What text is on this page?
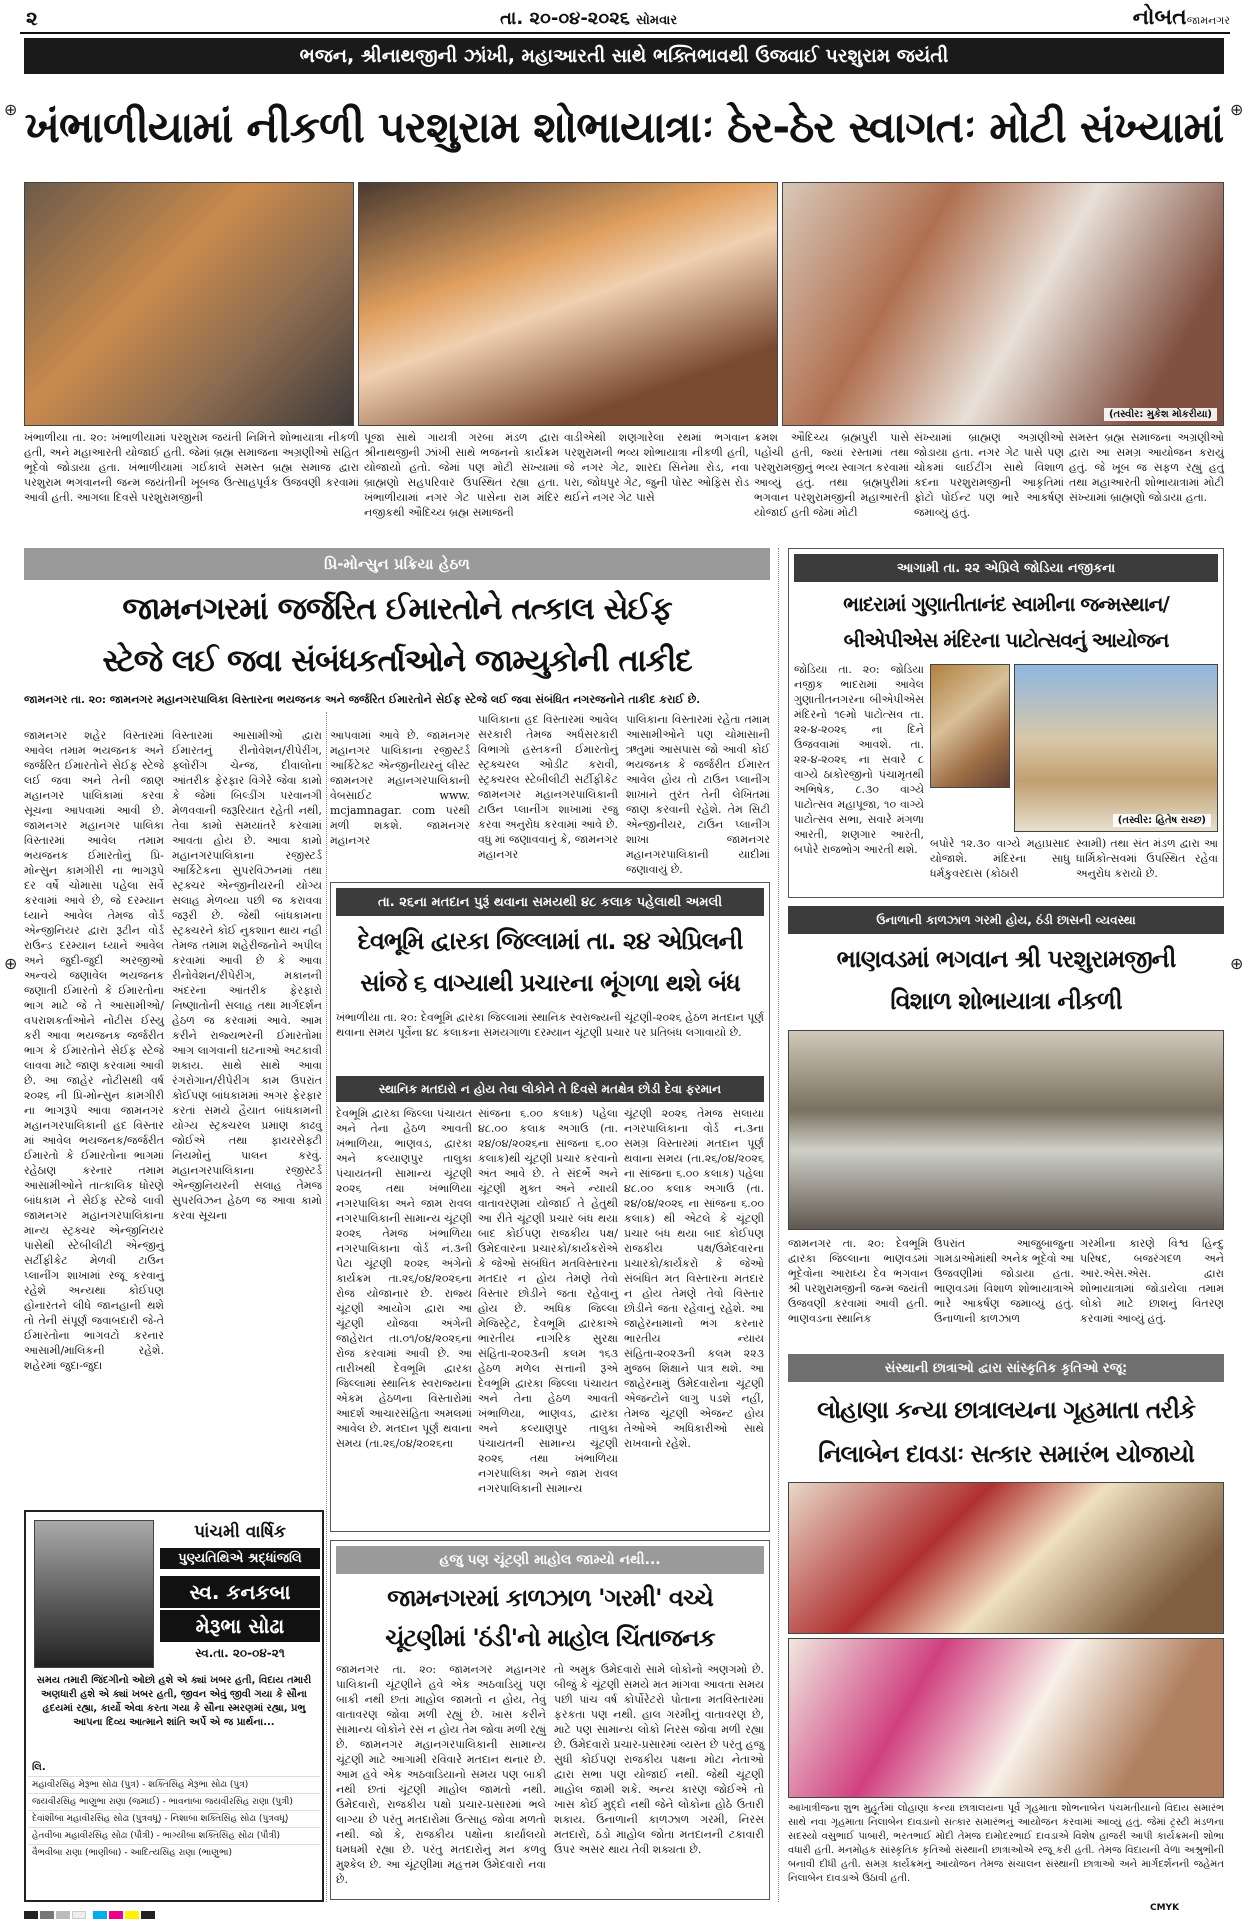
૨	તા. ૨૦-૦૪-૨૦૨૬ સોમવાર	નોબતજામનગર
ભજન, શ્રીનાથજીની ઝાંખી, મહાઆરતી સાથે ભક્તિભાવથી ઉજવાઈ પરશુરામ જયંતી
ખંભાળીયામાં નીકળી પરશુરામ શોભાયાત્રાઃ ઠેર-ઠેર સ્વાગતઃ મોટી સંખ્યામાં
(તસ્વીર: મુકેશ મોકરીયા)
ખંભાળીયા તા. ૨૦: ખંભાળીયામાં પરશુરામ જયંતી નિમિત્તે શોભાયાત્રા નીકળી હતી, અને મહાઆરતી યોજાઈ હતી. જેમાં બ્રહ્મ સમાજના અગ્રણીઓ સહિત ભૂદેવો જોડાયા હતા. ખંભાળીયામાં ગઈકાલે સમસ્ત બ્રહ્મ સમાજ દ્વારા પરશુરામ ભગવાનની જન્મ જયંતીની ખૂબજ ઉત્સાહપૂર્વક ઉજવણી કરવામાં આવી હતી. આગલા દિવસે પરશુરામજીની
પૂજા સાથે ગાયત્રી ગરબા મંડળ દ્વારા શ્રીનાથજીની ઝાંખી સાથે ભજનનો કાર્યક્રમ યોજાયો હતો. જેમાં પણ મોટી સંખ્યામાં બ્રાહ્મણો સહપરિવાર ઉપસ્થિત રહ્યા હતા. ખંભાળીયામાં નગર ગેટ પાસેના રામ મંદિર નજીકથી ઔદિચ્ય બ્રહ્મ સમાજની
વાડીએથી શણગારેલા રથમાં ભગવાન પરશુરામની ભવ્ય શોભાયાત્રા નીકળી હતી, જે નગર ગેટ, શારદા સિનેમા રોડ, નવા પરા, જોધપુર ગેટ, જુની પોસ્ટ ઓફિસ રોડ થઈને નગર ગેટ પાસે
ક્રમશ ઔદિચ્ય બ્રહ્મપુરી પાસે પહોંચી હતી, જ્યાં રસ્તામાં તથા પરશુરામજીનું ભવ્ય સ્વાગત કરવામાં આવ્યું હતું. તથા બ્રહ્મપુરીમાં ભગવાન પરશુરામજીની મહાઆરતી યોજાઈ હતી જેમાં મોટી
સંખ્યામાં બ્રાહ્મણ અગ્રણીઓ જોડાયા હતા. નગર ગેટ પાસે પણ ચોકમાં લાઈટીંગ સાથે વિશાળ કદના પરશુરામજીની આકૃતિમાં ફોટો પોઈન્ટ પણ ભારે આકર્ષણ જમાવ્યું હતું.
સમસ્ત બ્રહ્મ સમાજના અગ્રણીઓ દ્વારા આ સમગ્ર આયોજન કરાયું હતું. જે ખૂબ જ સફળ રહ્યું હતું તથા મહાઆરતી શોભાયાત્રામાં મોટી સંખ્યામાં બ્રાહ્મણો જોડાયા હતા.
પ્રિ-મોન્સુન પ્રક્રિયા હેઠળ
જામનગરમાં જર્જરિત ઈમારતોને તત્કાલ સેઈફ
સ્ટેજે લઈ જવા સંબંધકર્તાઓને જામ્યુકોની તાકીદ
જામનગર તા. ૨૦: જામનગર મહાનગરપાલિકા વિસ્તારના ભયજનક અને જર્જરિત ઈમારતોને સેઈફ સ્ટેજે લઈ જવા સંબંધિત નગરજનોને તાકીદ કરાઈ છે.
જામનગર શહેર વિસ્તારમાં આવેલ તમામ ભયજનક અને જર્જરિત ઈમારતોને સેઈફ સ્ટેજે લઈ જવા અને તેની જાણ મહાનગર પાલિકામાં કરવા સૂચના આપવામાં આવી છે. જામનગર મહાનગર પાલિકા વિસ્તારમાં આવેલ તમામ ભયજનક ઈમારતોનું પ્રિ-મોન્સુન કામગીરી ના ભાગરૂપે દર વર્ષે ચોમાસા પહેલા સર્વે કરવામાં આવે છે, જે દરમ્યાન ધ્યાને આવેલ તેમજ વોર્ડ એન્જીનિયર દ્વારા રૂટીન વોર્ડ રાઉન્ડ દરમ્યાન ધ્યાને આવેલ અને જુદી-જુદી અરજીઓ અન્વયે જણાવેલ ભયજનક જણાતી ઈમારતો કે ઈમારતોના ભાગ માટે જે તે આસામીઓ/વપરાશકર્તાઓને નોટીસ ઈસ્યુ કરી આવા ભયજનક જર્જરીત ભાગ કે ઈમારતોને સેઈફ સ્ટેજે લાવવા માટે જાણ કરવામાં આવી છે. આ જાહેર નોટીસથી વર્ષ ૨૦૨૬ ની પ્રિ-મોન્સુન કામગીરી ના ભાગરૂપે આવા જામનગર મહાનગરપાલિકાની હદ વિસ્તાર માં આવેલ ભયજનક/જર્જરીત ઈમારતો કે ઈમારતોના ભાગમાં રહેઠાણ કરનાર તમામ આસામીઓને તાત્કાલિક ધોરણે બાંધકામ ને સેઈફ સ્ટેજે લાવી જામનગર મહાનગરપાલિકાના માન્ય સ્ટ્રક્ચર એન્જીનિયર પાસેથી સ્ટેબીલીટી એન્જીનું સર્ટીફીકેટ મેળવી ટાઉન પ્લાનીંગ શાખામાં રજૂ કરવાનું રહેશે અન્યથા કોઈપણ હોનારતને લીધે જાનહાની થશે તો તેની સંપૂર્ણ જવાબદારી જે-તે ઈમારતોના ભાગવટો કરનાર આસામી/માલિકની રહેશે. શહેરમાં જુદા-જુદા
વિસ્તારમાં આસામીઓ દ્વારા ઈમારતનું રીનોવેશન/રીપેરીંગ, ફ્લોરીંગ ચેન્જ, દીવાલોના આંતરીક ફેરફાર વિગેરે જેવા કામો કે જેમાં બિલ્ડીંગ પરવાનગી મેળવવાની જરૂરિયાત રહેતી નથી, તેવા કામો સમયાંતરે કરવામાં આવતા હોય છે. આવા કામો મહાનગરપાલિકાના રજીસ્ટર્ડ આર્કિટેકના સુપરવિઝનમાં તથા સ્ટ્રક્ચર એન્જીનીયરની યોગ્ય સલાહ મેળવ્યા પછી જ કરાવવા જરૂરી છે. જેથી બાંધકામના સ્ટ્રક્ચરને કોઈ નુકશાન થાય નહી તેમજ તમામ શહેરીજનોને અપીલ કરવામાં આવી છે કે આવા રીનોવેશન/રીપેરીંગ, મકાનની અંદરના આંતરીક ફેરફારો નિષ્ણાતોની સલાહ તથા માર્ગદર્શન હેઠળ જ કરવામાં આવે. આમ કરીને રાજ્યભરની ઈમારતોમાં આગ લાગવાની ઘટનાઓ અટકાવી શકાય. સાથે સાથે આવા રંગરોગાન/રીપેરીંગ કામ ઉપરાંત કોઈપણ બાંધકામમાં અગર ફેરફાર કરતાં સમયે હૈયાત બાંધકામની યોગ્ય સ્ટ્રક્ચરલ પ્રમાણ કાઢવું જોઈએ તથા ફાયરસેફ્ટી નિયમોનું પાલન કરવું. મહાનગરપાલિકાના રજીસ્ટર્ડ એન્જીનિયરની સલાહ તેમજ સુપરવિઝન હેઠળ જ આવા કામો કરવા સૂચના
આપવામાં આવે છે. જામનગર મહાનગર પાલિકાના રજીસ્ટર્ડ આર્કિટેક્ટ એન્જીનીયરનું લીસ્ટ જામનગર મહાનગરપાલિકાની વેબસાઈટ www. mcjamnagar. com પરથી મળી શકશે. જામનગર મહાનગર
પાલિકાના હદ વિસ્તારમાં આવેલ સરકારી તેમજ અર્ધસરકારી વિભાગો હસ્તકની ઈમારતોનું સ્ટ્રક્ચરલ ઓડીટ કરાવી, સ્ટ્રક્ચરલ સ્ટેબીલીટી સર્ટીફીકેટ જામનગર મહાનગરપાલિકાની ટાઉન પ્લાનીંગ શાખામાં રજુ કરવા અનુરોધ કરવામાં આવે છે. વધુ માં જણાવવાનું કે, જામનગર મહાનગર
પાલિકાના વિસ્તારમાં રહેતા તમામ આસામીઓને પણ ચોમાસાની ઋતુમાં આસપાસ જો આવી કોઈ ભયજનક કે જર્જરીત ઈમારત આવેલ હોય તો ટાઉન પ્લાનીંગ શાખાને તુરંત તેની લેખિતમાં જાણ કરવાની રહેશે. તેમ સિટી એન્જીનીયર, ટાઉન પ્લાનીંગ શાખા જામનગર મહાનગરપાલિકાની યાદીમાં જણાવાયું છે.
તા. ૨૬ના મતદાન પુરૂં થવાના સમયથી ૪૮ કલાક પહેલાથી અમલી
દેવભૂમિ દ્વારકા જિલ્લામાં તા. ૨૪ એપ્રિલની
સાંજે ૬ વાગ્યાથી પ્રચારના ભૂંગળા થશે બંધ
ખંભાળીયા તા. ૨૦: દેવભૂમિ દ્વારકા જિલ્લામાં સ્થાનિક સ્વરાજ્યની ચૂંટણી-૨૦૨૬ હેઠળ મતદાન પૂર્ણ થવાના સમય પૂર્વેના ૪૮ કલાકના સમયગાળા દરમ્યાન ચૂંટણી પ્રચાર પર પ્રતિબંધ લગાવાયો છે.
સ્થાનિક મતદારો ન હોય તેવા લોકોને તે દિવસે મતક્ષેત્ર છોડી દેવા ફરમાન
દેવભૂમિ દ્વારકા જિલ્લા પંચાયત અને તેના હેઠળ આવતી ખંભાળિયા, ભાણવડ, દ્વારકા અને કલ્યાણપુર તાલુકા પંચાયતની સામાન્ય ચૂંટણી ૨૦૨૬ તથા ખંભાળિયા નગરપાલિકા અને જામ રાવલ નગરપાલિકાની સામાન્ય ચૂંટણી ૨૦૨૬ તેમજ ખંભાળિયા નગરપાલિકાના વોર્ડ નં.૩ની પેટા ચૂંટણી ૨૦૨૬ અંગેનો કાર્યક્રમ તા.૨૬/૦૪/૨૦૨૬ના રોજ યોજાનાર છે. રાજ્ય ચૂંટણી આયોગ દ્વારા આ ચૂંટણી યોજવા અંગેની જાહેરાત તા.૦૧/૦૪/૨૦૨૬ના રોજ કરવામાં આવી છે. આ તારીખથી દેવભૂમિ દ્વારકા જિલ્લામાં સ્થાનિક સ્વરાજ્યના એકમ હેઠળના વિસ્તારોમાં આદર્શ આચારસંહિતા અમલમાં આવેલ છે. મતદાન પૂર્ણ થવાના સમય (તા.૨૬/૦૪/૨૦૨૬ના
સાંજના ૬.૦૦ કલાક) પહેલા ૪૮.૦૦ કલાક અગાઉ (તા. ૨૪/૦૪/૨૦૨૬ના સાંજના ૬.૦૦ કલાક)થી ચૂંટણી પ્રચાર કરવાનો અંત આવે છે. તે સંદર્ભે અને ચૂંટણી મુક્ત અને ન્યાયી વાતાવરણમાં યોજાઈ તે હેતુથી આ રીતે ચૂંટણી પ્રચાર બંધ થયા બાદ કોઈપણ રાજકીય પક્ષ/ઉમેદવારના પ્રચારકો/કાર્યકરોએ કે જેઓ સંબંધિત મતવિસ્તારના મતદાર ન હોય તેમણે તેવો વિસ્તાર છોડીને જતા રહેવાનું હોય છે. અધિક જિલ્લા મેજિસ્ટ્રેટ, દેવભૂમિ દ્વારકાએ ભારતીય નાગરિક સુરક્ષા સંહિતા-૨૦૨૩ની કલમ ૧૬૩ હેઠળ મળેલ સત્તાની રૂએ દેવભૂમિ દ્વારકા જિલ્લા પંચાયત અને તેના હેઠળ આવતી ખંભાળિયા, ભાણવડ, દ્વારકા અને કલ્યાણપુર તાલુકા પંચાયતની સામાન્ય ચૂંટણી ૨૦૨૬ તથા ખંભાળિયા નગરપાલિકા અને જામ રાવલ નગરપાલિકાની સામાન્ય
ચૂંટણી ૨૦૨૬ તેમજ સલાયા નગરપાલિકાના વોર્ડ નં.૩ના સમગ્ર વિસ્તારમાં મતદાન પૂર્ણ થવાના સમય (તા.૨૬/૦૪/૨૦૨૬ ના સાંજના ૬.૦૦ કલાક) પહેલા ૪૮.૦૦ કલાક અગાઉ (તા. ૨૪/૦૪/૨૦૨૬ ના સાંજના ૬.૦૦ કલાક) થી એટલે કે ચૂંટણી પ્રચાર બંધ થયા બાદ કોઈપણ રાજકીય પક્ષ/ઉમેદવારના પ્રચારકો/કાર્યકરો કે જેઓ સંબંધિત મત વિસ્તારના મતદાર ન હોય તેમણે તેવો વિસ્તાર છોડીને જતા રહેવાનું રહેશે. આ જાહેરનામાનો ભંગ કરનાર ભારતીય ન્યાય સંહિતા-૨૦૨૩ની કલમ ૨૨૩ મુજબ શિક્ષાને પાત્ર થશે. આ જાહેરનામું ઉમેદવારોના ચૂંટણી એજન્ટોને લાગુ પડશે નહીં, તેમજ ચૂંટણી એજન્ટ હોય તેઓએ અધિકારીઓ સાથે રાખવાનો રહેશે.
હજુ પણ ચૂંટણી માહોલ જામ્યો નથી...
જામનગરમાં કાળઝાળ 'ગરમી' વચ્ચે
ચૂંટણીમાં 'ઠંડી'નો માહોલ ચિંતાજનક
જામનગર તા. ૨૦: જામનગર મહાનગર પાલિકાની ચૂંટણીને હવે એક અઠવાડિયું પણ બાકી નથી છતાં માહોલ જામતો ન હોય, તેવું વાતાવરણ જોવા મળી રહ્યું છે. ખાસ કરીને સામાન્ય લોકોને રસ ન હોય તેમ જોવા મળી રહ્યું છે. જામનગર મહાનગરપાલિકાની સામાન્ય ચૂંટણી માટે આગામી રવિવારે મતદાન થનાર છે. આમ હવે એક અઠવાડિયાનો સમય પણ બાકી નથી છતાં ચૂંટણી માહોલ જામતો નથી. ઉમેદવારો, રાજકીય પક્ષો પ્રચાર-પ્રસારમાં ભલે લાગ્યા છે પરંતુ મતદારોમાં ઉત્સાહ જોવા મળતો નથી. જો કે, રાજકીય પક્ષોના કાર્યાલયો ધમધમી રહ્યા છે. પરંતુ મતદારોનું મન કળવું મુશ્કેલ છે. આ ચૂંટણીમાં મહત્તમ ઉમેદવારો નવા છે.
તો અમુક ઉમેદવારો સામે લોકોનો અણગમો છે. બીજું કે ચૂંટણી સમયે મત માંગવા આવતા સમય પછી પાંચ વર્ષ કોર્પોરેટરો પોતાના મતવિસ્તારમાં ફરકતા પણ નથી. હાલ ગરમીનું વાતાવરણ છે, માટે પણ સામાન્ય લોકો નિરસ જોવા મળી રહ્યા છે. ઉમેદવારો પ્રચાર-પ્રસારમાં વ્યસ્ત છે પરંતુ હજુ સુધી કોઈપણ રાજકીય પક્ષના મોટા નેતાઓ દ્વારા સભા પણ યોજાઈ નથી. જેથી ચૂંટણી માહોલ જામી શકે. અન્ય કારણ જોઈએ તો ખાસ કોઈ મુદ્દો નથી જેને લોકોના હોઠે ઉતારી શકાય. ઉનાળાની કાળઝાળ ગરમી, નિરસ મતદારો, ઠંડો માહોલ જોતા મતદાનની ટકાવારી ઉપર અસર થાય તેવી શક્યતા છે.
પાંચમી વાર્ષિક
પુણ્યતિથિએ શ્રદ્ધાંજલિ
સ્વ. કનકબા
મેરૂભા સોઢા
સ્વ.તા. ૨૦-૦૪-૨૧
સમય તમારી જિંદગીનો ઓછો હશે એ ક્યાં ખબર હતી, વિદાય તમારી અણધારી હશે એ ક્યાં ખબર હતી, જીવન એવું જીવી ગયા કે સૌના હૃદયમાં રહ્યા, કાર્યો એવા કરતા ગયા કે સૌના સ્મરણમાં રહ્યા, પ્રભુ આપના દિવ્ય આત્માને શાંતિ અર્પે એ જ પ્રાર્થના...
લિ.
મહાવીરસિંહ મેરૂભા સોઢા (પુત્ર) - શક્તિસિંહ મેરૂભા સોઢા (પુત્ર)
જયવીરસિંહ ભાણુભા રાણા (જમાઈ) - ભાવનાબા જયવીરસિંહ રાણા (પુત્રી)
દેવાંશીબા મહાવીરસિંહ સોઢા (પુત્રવધૂ) - નિશાબા શક્તિસિંહ સોઢા (પુત્રવધૂ)
હેતવીબા મહાવીરસિંહ સોઢા (પૌત્રી) - ભાગ્યીબા શક્તિસિંહ સોઢા (પૌત્રી)
વૈભવીબા રાણા (ભાણીબા) - આદિત્યસિંહ રાણા (ભાણુભા)
આગામી તા. ૨૨ એપ્રિલે જોડિયા નજીકના
ભાદરામાં ગુણાતીતાનંદ સ્વામીના જન્મસ્થાન/
બીએપીએસ મંદિરના પાટોત્સવનું આયોજન
જોડિયા તા. ૨૦: જોડિયા નજીક ભાદરામાં આવેલ ગુણાતીતનગરના બીએપીએસ મંદિરનો ૧૯મો પાટોત્સવ તા. ૨૨-૪-૨૦૨૬ ના દિને ઉજવવામાં આવશે. તા. ૨૨-૪-૨૦૨૬ ના સવારે ૮ વાગ્યે ઠાકોરજીનો પંચામૃતથી અભિષેક, ૮.૩૦ વાગ્યે પાટોત્સવ મહાપૂજા, ૧૦ વાગ્યે પાટોત્સવ સભા, સવારે મંગળા આરતી, શણગાર આરતી, બપોરે રાજભોગ આરતી થશે.
(તસ્વીર: હિતેષ રાચ્છ)
બપોરે ૧૨.૩૦ વાગ્યે મહાપ્રસાદ યોજાશે. મંદિરના સાધુ ધર્મકુવરદાસ (કોઠારી
સ્વામી) તથા સંત મંડળ દ્વારા આ ધાર્મિકોત્સવમાં ઉપસ્થિત રહેવા અનુરોધ કરાયો છે.
ઉનાળાની કાળઝાળ ગરમી હોય, ઠંડી છાસની વ્યવસ્થા
ભાણવડમાં ભગવાન શ્રી પરશુરામજીની
વિશાળ શોભાયાત્રા નીકળી
જામનગર તા. ૨૦: દેવભૂમિ દ્વારકા જિલ્લાના ભાણવડમાં ભૂદેવોના આરાધ્ય દેવ ભગવાન શ્રી પરશુરામજીની જન્મ જયંતી ઉજવણી કરવામાં આવી હતી. ભાણવડના સ્થાનિક
ઉપરાંત આજુબાજુના ગામડાઓમાંથી અનેક ભૂદેવો આ ઉજવણીમાં જોડાયા હતા. ભાણવડમાં વિશાળ શોભાયાત્રાએ ભારે આકર્ષણ જમાવ્યું હતું. ઉનાળાની કાળઝાળ
ગરમીના કારણે વિશ્વ હિન્દુ પરિષદ, બજરંગદળ અને આર.એસ.એસ. દ્વારા શોભાયાત્રામાં જોડાયેલા તમામ લોકો માટે છાશનું વિતરણ કરવામાં આવ્યું હતું.
સંસ્થાની છાત્રાઓ દ્વારા સાંસ્કૃતિક કૃતિઓ રજૂ:
લોહાણા કન્યા છાત્રાલયના ગૃહમાતા તરીકે
નિલાબેન દાવડાઃ સત્કાર સમારંભ યોજાયો
આખાત્રીજના શુભ મુહૂર્તમાં લોહાણા કન્યા છાત્રાલયના પૂર્વ ગૃહમાતા શોભનાબેન પંચમતીયાનો વિદાય સમારંભ સાથે નવા ગૃહમાતા નિલાબેન દાવડાનો સત્કાર સમારંભનું આયોજન કરવામાં આવ્યું હતું. જેમાં ટ્રસ્ટી મંડળના સદસ્યો વસુભાઈ પાબારી, ભરતભાઈ મોદી તેમજ દામોદરભાઈ દાવડાએ વિશેષ હાજરી આપી કાર્યક્રમની શોભા વધારી હતી. મનમોહક સાંસ્કૃતિક કૃતિઓ સંસ્થાની છાત્રાઓએ રજૂ કરી હતી. તેમજ વિદાયની વેળા અશ્રુભીની બનાવી દીધી હતી. સમગ્ર કાર્યક્રમનું આયોજન તેમજ સંચાલન સંસ્થાની છાત્રાઓ અને માર્ગદર્શનની જહેમત નિલાબેન દાવડાએ ઉઠાવી હતી.
⊕	⊕
⊕	⊕

CMYK
